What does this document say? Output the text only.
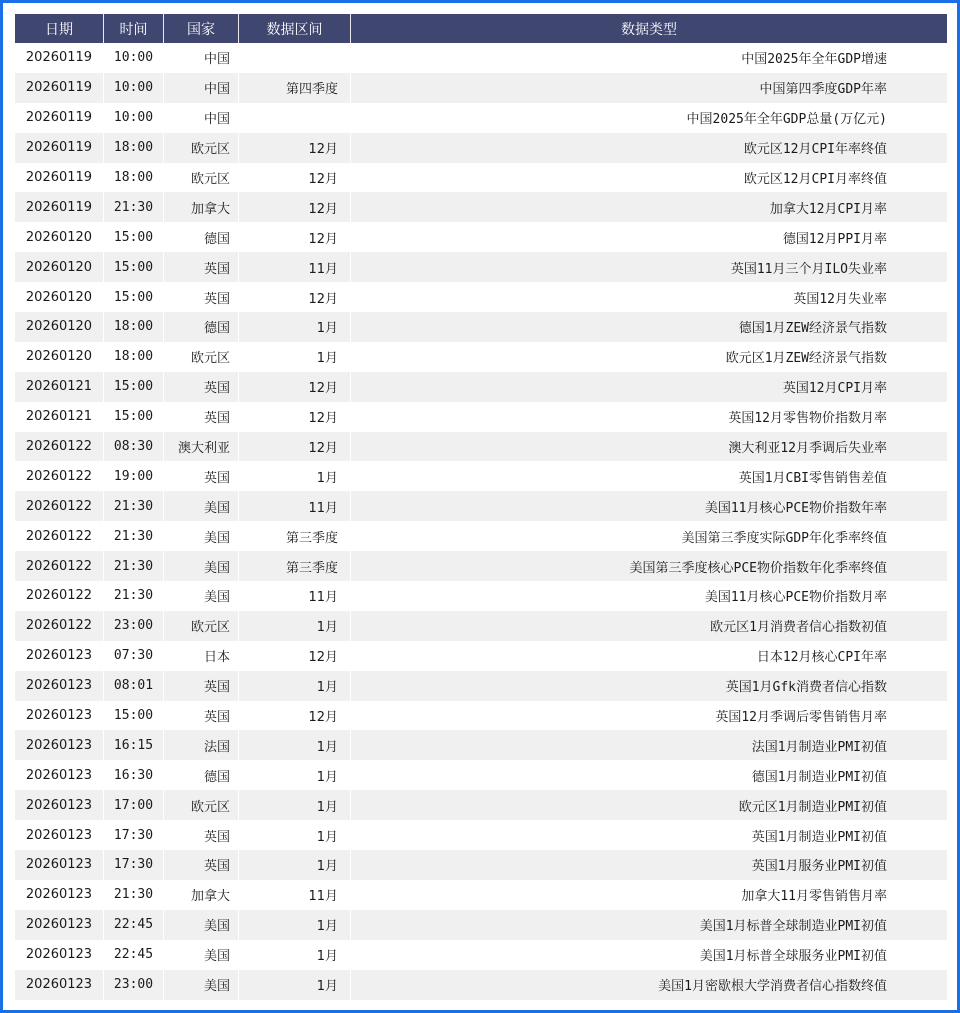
日期	时间	国家	数据区间	数据类型
20260119	10:00	中国		中国2025年全年GDP增速
20260119	10:00	中国	第四季度	中国第四季度GDP年率
20260119	10:00	中国		中国2025年全年GDP总量(万亿元)
20260119	18:00	欧元区	12月	欧元区12月CPI年率终值
20260119	18:00	欧元区	12月	欧元区12月CPI月率终值
20260119	21:30	加拿大	12月	加拿大12月CPI月率
20260120	15:00	德国	12月	德国12月PPI月率
20260120	15:00	英国	11月	英国11月三个月ILO失业率
20260120	15:00	英国	12月	英国12月失业率
20260120	18:00	德国	1月	德国1月ZEW经济景气指数
20260120	18:00	欧元区	1月	欧元区1月ZEW经济景气指数
20260121	15:00	英国	12月	英国12月CPI月率
20260121	15:00	英国	12月	英国12月零售物价指数月率
20260122	08:30	澳大利亚	12月	澳大利亚12月季调后失业率
20260122	19:00	英国	1月	英国1月CBI零售销售差值
20260122	21:30	美国	11月	美国11月核心PCE物价指数年率
20260122	21:30	美国	第三季度	美国第三季度实际GDP年化季率终值
20260122	21:30	美国	第三季度	美国第三季度核心PCE物价指数年化季率终值
20260122	21:30	美国	11月	美国11月核心PCE物价指数月率
20260122	23:00	欧元区	1月	欧元区1月消费者信心指数初值
20260123	07:30	日本	12月	日本12月核心CPI年率
20260123	08:01	英国	1月	英国1月Gfk消费者信心指数
20260123	15:00	英国	12月	英国12月季调后零售销售月率
20260123	16:15	法国	1月	法国1月制造业PMI初值
20260123	16:30	德国	1月	德国1月制造业PMI初值
20260123	17:00	欧元区	1月	欧元区1月制造业PMI初值
20260123	17:30	英国	1月	英国1月制造业PMI初值
20260123	17:30	英国	1月	英国1月服务业PMI初值
20260123	21:30	加拿大	11月	加拿大11月零售销售月率
20260123	22:45	美国	1月	美国1月标普全球制造业PMI初值
20260123	22:45	美国	1月	美国1月标普全球服务业PMI初值
20260123	23:00	美国	1月	美国1月密歇根大学消费者信心指数终值
